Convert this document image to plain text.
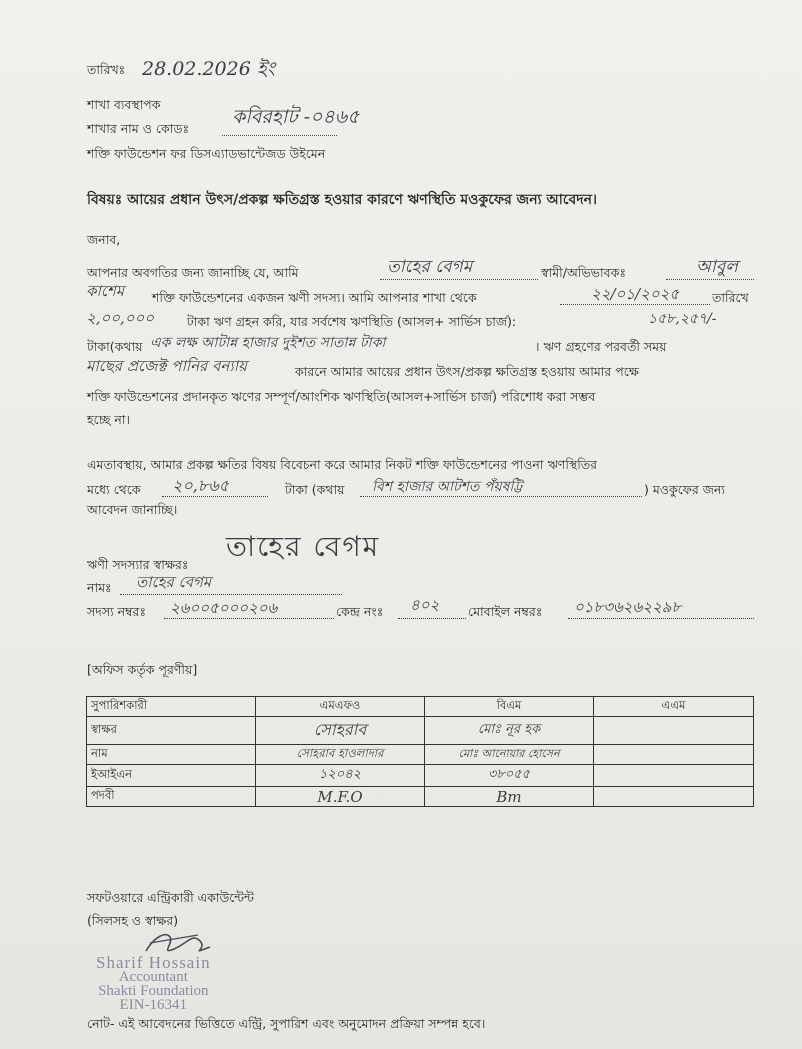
তারিখঃ 28.02.2026 ইং
শাখা ব্যবস্থাপক
শাখার নাম ও কোডঃ
কবিরহাট -০৪৬৫
শক্তি ফাউন্ডেশন ফর ডিসএ্যাডভান্টেজড উইমেন
বিষয়ঃ আয়ের প্রধান উৎস/প্রকল্প ক্ষতিগ্রস্ত হওয়ার কারণে ঋণস্থিতি মওকুফের জন্য আবেদন।
জনাব,
আপনার অবগতির জন্য জানাচ্ছি যে, আমি	তাহের বেগম	স্বামী/অভিভাবকঃ	আবুল
কাশেম শক্তি ফাউন্ডেশনের একজন ঋণী সদস্য। আমি আপনার শাখা থেকে	২২/০১/২০২৫	তারিখে
২,০০,০০০	টাকা ঋণ গ্রহন করি, যার সর্বশেষ ঋণস্থিতি (আসল+ সার্ভিস চার্জ):	১৫৮,২৫৭/-
টাকা(কথায় এক লক্ষ আটান্ন হাজার দুইশত সাতান্ন টাকা	। ঋণ গ্রহণের পরবর্তী সময়
মাছের প্রজেক্ট পানির বন্যায়	কারনে আমার আয়ের প্রধান উৎস/প্রকল্প ক্ষতিগ্রস্ত হওয়ায় আমার পক্ষে
শক্তি ফাউন্ডেশনের প্রদানকৃত ঋণের সম্পূর্ণ/আংশিক ঋণস্থিতি(আসল+সার্ভিস চার্জ) পরিশোধ করা সম্ভব
হচ্ছে না।
এমতাবস্থায়, আমার প্রকল্প ক্ষতির বিষয় বিবেচনা করে আমার নিকট শক্তি ফাউন্ডেশনের পাওনা ঋণস্থিতির
মধ্যে থেকে ২০,৮৬৫	টাকা (কথায় বিশ হাজার আটশত পঁয়ষট্টি	) মওকুফের জন্য
আবেদন জানাচ্ছি।
ঋণী সদস্যার স্বাক্ষরঃ
তাহের বেগম
নামঃ তাহের বেগম
সদস্য নম্বরঃ ২৬০০৫০০০২০৬	কেন্দ্র নংঃ ৪০২ মোবাইল নম্বরঃ ০১৮৩৬২৬২২৯৮
[অফিস কর্তৃক পূরণীয়]
সুপারিশকারী	এমএফও	বিএম	এএম
স্বাক্ষর	সোহরাব	মোঃ নূর হক	
নাম	সোহরাব হাওলাদার	মোঃ আনোয়ার হোসেন	
ইআইএন	১২০৪২	৩৮০৫৫	
পদবী	M.F.O	Bm	
সফটওয়ারে এন্ট্রিকারী একাউন্টেন্ট
(সিলসহ ও স্বাক্ষর)
Sharif Hossain
Accountant
Shakti Foundation
EIN-16341
নোট- এই আবেদনের ভিত্তিতে এন্ট্রি, সুপারিশ এবং অনুমোদন প্রক্রিয়া সম্পন্ন হবে।
